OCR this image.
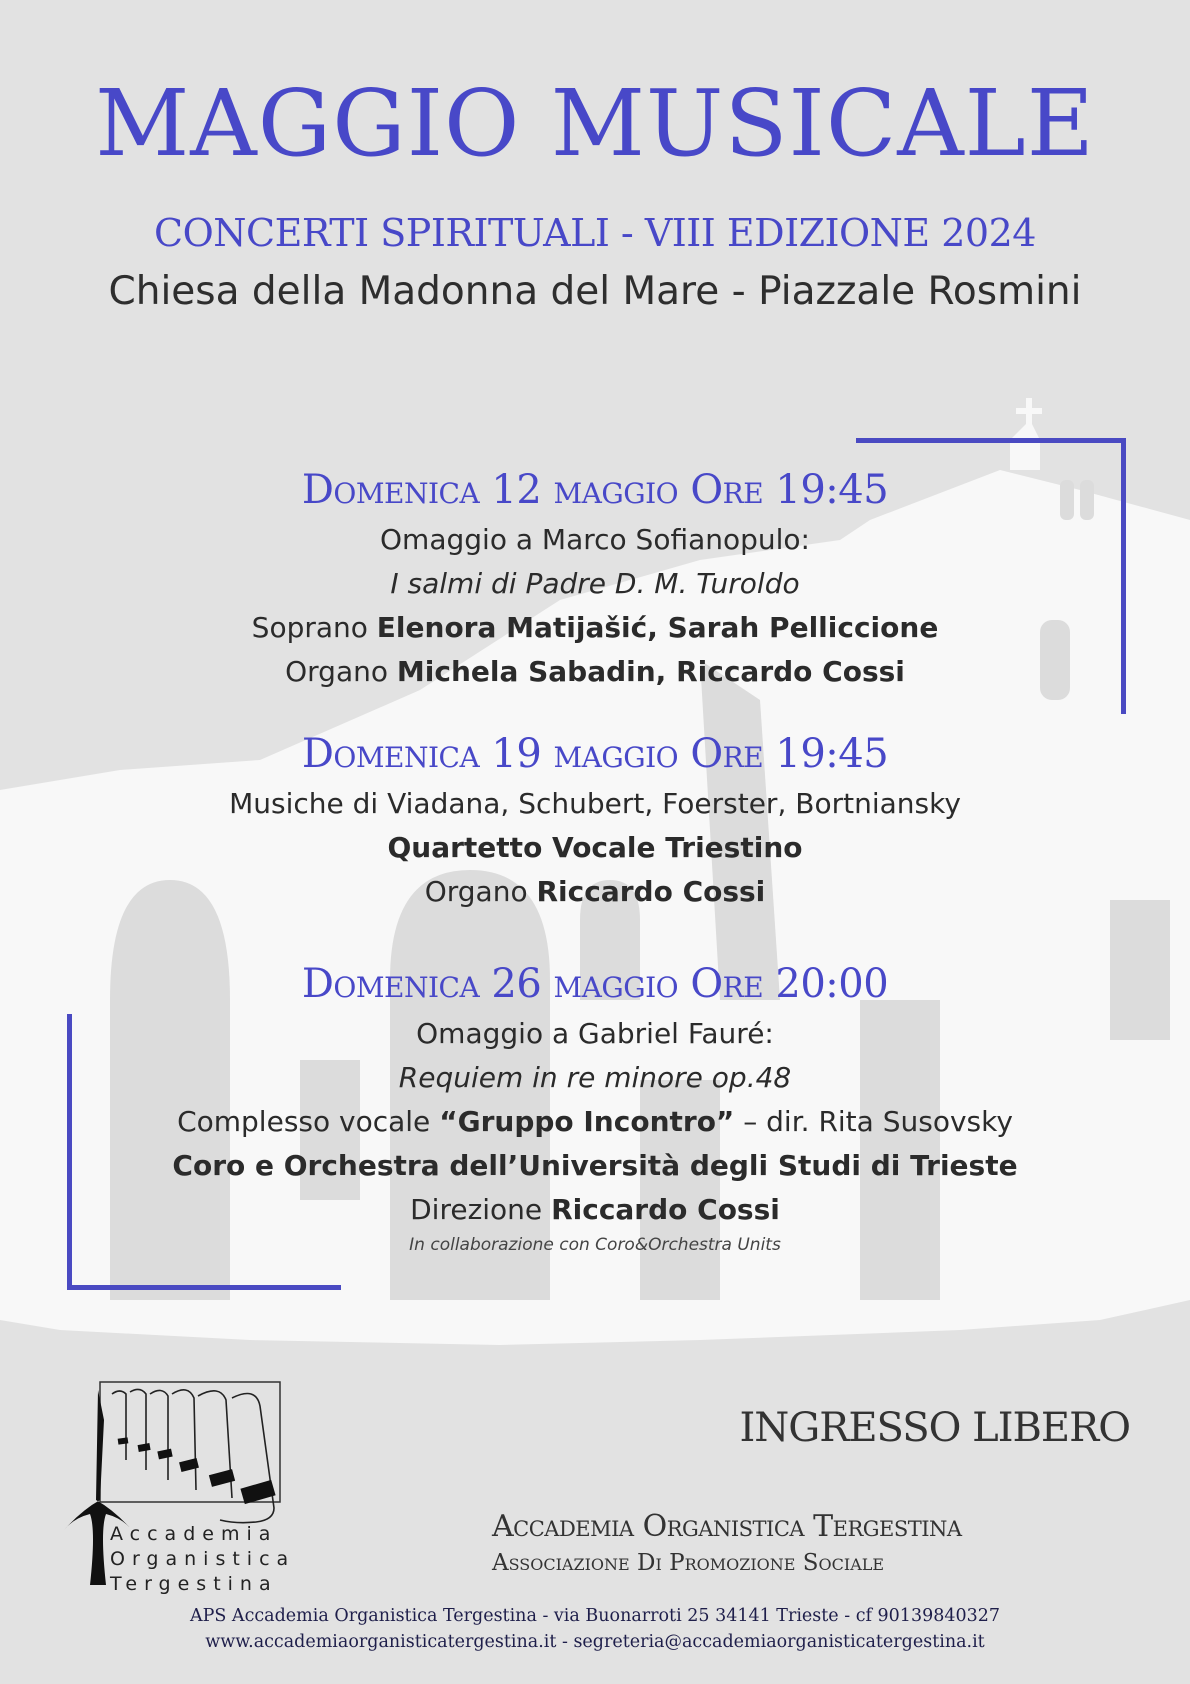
MAGGIO MUSICALE
CONCERTI SPIRITUALI - VIII EDIZIONE 2024
Chiesa della Madonna del Mare - Piazzale Rosmini
Domenica 12 maggio Ore 19:45
Omaggio a Marco Sofianopulo:
I salmi di Padre D. M. Turoldo
Soprano Elenora Matijašić, Sarah Pelliccione
Organo Michela Sabadin, Riccardo Cossi
Domenica 19 maggio Ore 19:45
Musiche di Viadana, Schubert, Foerster, Bortniansky
Quartetto Vocale Triestino
Organo Riccardo Cossi
Domenica 26 maggio Ore 20:00
Omaggio a Gabriel Fauré:
Requiem in re minore op.48
Complesso vocale “Gruppo Incontro” – dir. Rita Susovsky
Coro e Orchestra dell’Università degli Studi di Trieste
Direzione Riccardo Cossi
In collaborazione con Coro&Orchestra Units
INGRESSO LIBERO
Accademia Organistica Tergestina
Associazione Di Promozione Sociale
APS Accademia Organistica Tergestina - via Buonarroti 25 34141 Trieste - cf 90139840327
www.accademiaorganisticatergestina.it - segreteria@accademiaorganisticatergestina.it
Accademia
Organistica
Tergestina
